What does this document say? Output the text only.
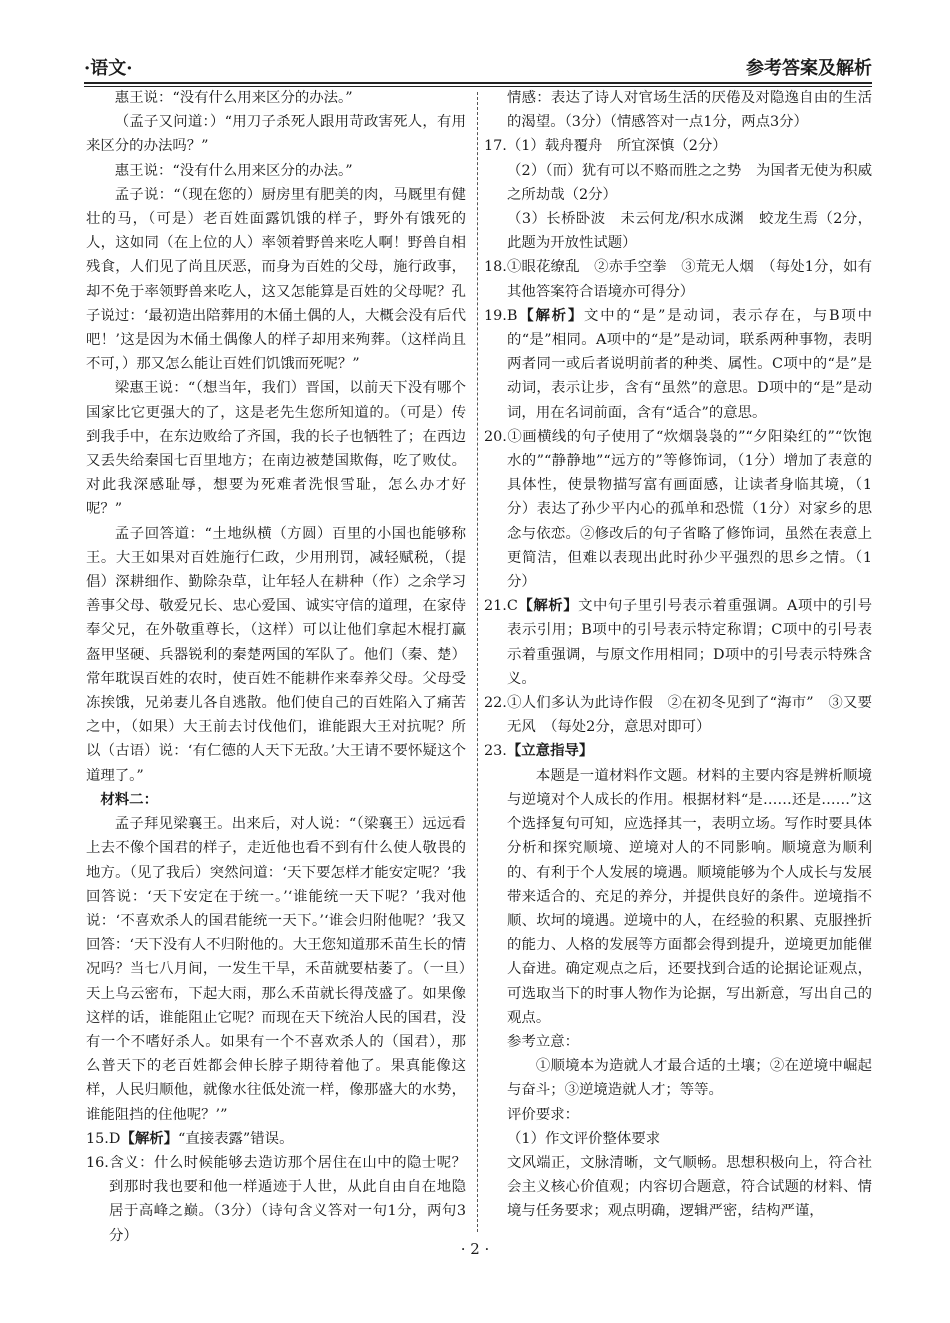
·语文·	参考答案及解析

惠王说：“没有什么用来区分的办法。”

（孟子又问道：）“用刀子杀死人跟用苛政害死人，有用来区分的办法吗？”

惠王说：“没有什么用来区分的办法。”

孟子说：“（现在您的）厨房里有肥美的肉，马厩里有健壮的马，（可是）老百姓面露饥饿的样子，野外有饿死的人，这如同（在上位的人）率领着野兽来吃人啊！野兽自相残食，人们见了尚且厌恶，而身为百姓的父母，施行政事，却不免于率领野兽来吃人，这又怎能算是百姓的父母呢？孔子说过：‘最初造出陪葬用的木俑土偶的人，大概会没有后代吧！’这是因为木俑土偶像人的样子却用来殉葬。（这样尚且不可，）那又怎么能让百姓们饥饿而死呢？”

梁惠王说：“（想当年，我们）晋国，以前天下没有哪个国家比它更强大的了，这是老先生您所知道的。（可是）传到我手中，在东边败给了齐国，我的长子也牺牲了；在西边又丢失给秦国七百里地方；在南边被楚国欺侮，吃了败仗。对此我深感耻辱，想要为死难者洗恨雪耻，怎么办才好呢？”

孟子回答道：“土地纵横（方圆）百里的小国也能够称王。大王如果对百姓施行仁政，少用刑罚，减轻赋税，（提倡）深耕细作、勤除杂草，让年轻人在耕种（作）之余学习善事父母、敬爱兄长、忠心爱国、诚实守信的道理，在家侍奉父兄，在外敬重尊长，（这样）可以让他们拿起木棍打赢盔甲坚硬、兵器锐利的秦楚两国的军队了。他们（秦、楚）常年耽误百姓的农时，使百姓不能耕作来奉养父母。父母受冻挨饿，兄弟妻儿各自逃散。他们使自己的百姓陷入了痛苦之中，（如果）大王前去讨伐他们，谁能跟大王对抗呢？所以（古语）说：‘有仁德的人天下无敌。’大王请不要怀疑这个道理了。”

材料二：

孟子拜见梁襄王。出来后，对人说：“（梁襄王）远远看上去不像个国君的样子，走近他也看不到有什么使人敬畏的地方。（见了我后）突然问道：‘天下要怎样才能安定呢？’我回答说：‘天下安定在于统一。’‘谁能统一天下呢？’我对他说：‘不喜欢杀人的国君能统一天下。’‘谁会归附他呢？’我又回答：‘天下没有人不归附他的。大王您知道那禾苗生长的情况吗？当七八月间，一发生干旱，禾苗就要枯萎了。（一旦）天上乌云密布，下起大雨，那么禾苗就长得茂盛了。如果像这样的话，谁能阻止它呢？而现在天下统治人民的国君，没有一个不嗜好杀人。如果有一个不喜欢杀人的（国君），那么普天下的老百姓都会伸长脖子期待着他了。果真能像这样，人民归顺他，就像水往低处流一样，像那盛大的水势，谁能阻挡的住他呢？’”

15.D【解析】“直接表露”错误。

16.含义：什么时候能够去造访那个居住在山中的隐士呢？到那时我也要和他一样遁迹于人世，从此自由自在地隐居于高峰之巅。（3分）（诗句含义答对一句1分，两句3分）

情感：表达了诗人对官场生活的厌倦及对隐逸自由的生活的渴望。（3分）（情感答对一点1分，两点3分）

17.（1）载舟覆舟　所宜深慎（2分）

（2）（而）犹有可以不赂而胜之之势　为国者无使为积威之所劫哉（2分）

（3）长桥卧波　未云何龙/积水成渊　蛟龙生焉（2分，此题为开放性试题）

18.①眼花缭乱　②赤手空拳　③荒无人烟　（每处1分，如有其他答案符合语境亦可得分）

19.B【解析】文中的“是”是动词，表示存在，与B项中的“是”相同。A项中的“是”是动词，联系两种事物，表明两者同一或后者说明前者的种类、属性。C项中的“是”是动词，表示让步，含有“虽然”的意思。D项中的“是”是动词，用在名词前面，含有“适合”的意思。

20.①画横线的句子使用了“炊烟袅袅的”“夕阳染红的”“饮饱水的”“静静地”“远方的”等修饰词，（1分）增加了表意的具体性，使景物描写富有画面感，让读者身临其境，（1分）表达了孙少平内心的孤单和恐慌（1分）对家乡的思念与依恋。②修改后的句子省略了修饰词，虽然在表意上更简洁，但难以表现出此时孙少平强烈的思乡之情。（1分）

21.C【解析】文中句子里引号表示着重强调。A项中的引号表示引用；B项中的引号表示特定称谓；C项中的引号表示着重强调，与原文作用相同；D项中的引号表示特殊含义。

22.①人们多认为此诗作假　②在初冬见到了“海市”　③又要无风　（每处2分，意思对即可）

23.【立意指导】

本题是一道材料作文题。材料的主要内容是辨析顺境与逆境对个人成长的作用。根据材料“是……还是……”这个选择复句可知，应选择其一，表明立场。写作时要具体分析和探究顺境、逆境对人的不同影响。顺境意为顺利的、有利于个人发展的境遇。顺境能够为个人成长与发展带来适合的、充足的养分，并提供良好的条件。逆境指不顺、坎坷的境遇。逆境中的人，在经验的积累、克服挫折的能力、人格的发展等方面都会得到提升，逆境更加能催人奋进。确定观点之后，还要找到合适的论据论证观点，可选取当下的时事人物作为论据，写出新意，写出自己的观点。

参考立意：

①顺境本为造就人才最合适的土壤；②在逆境中崛起与奋斗；③逆境造就人才；等等。

评价要求：

（1）作文评价整体要求

文风端正，文脉清晰，文气顺畅。思想积极向上，符合社会主义核心价值观；内容切合题意，符合试题的材料、情境与任务要求；观点明确，逻辑严密，结构严谨，

· 2 ·
